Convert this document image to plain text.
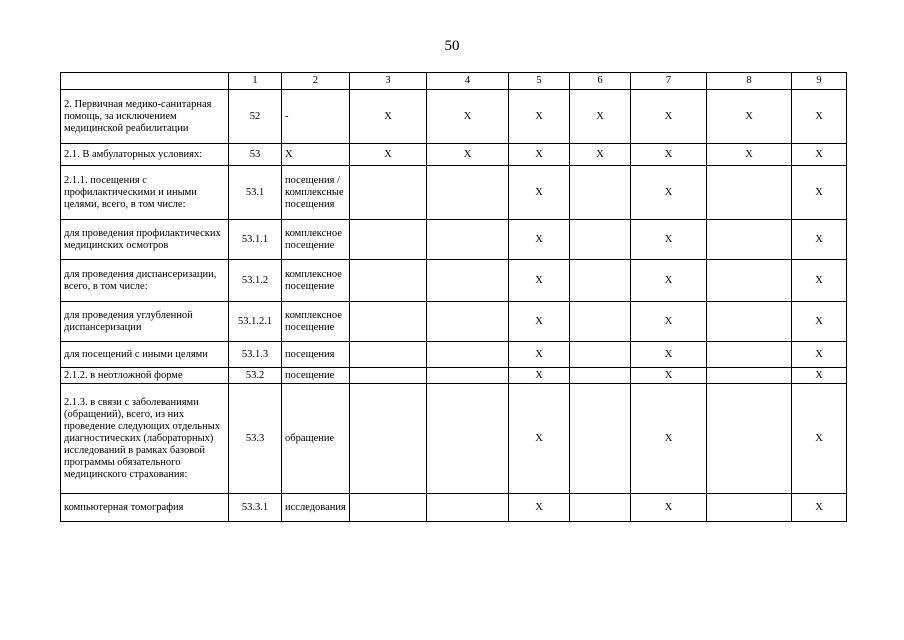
50
	1	2	3	4	5	6	7	8	9
2. Первичная медико-санитарная помощь, за исключением медицинской реабилитации	52	-	X	X	X	X	X	X	X
2.1. В амбулаторных условиях:	53	X	X	X	X	X	X	X	X
2.1.1. посещения с профилактическими и иными целями, всего, в том числе:	53.1	посещения /комплексные посещения			X		X		X
для проведения профилактических медицинских осмотров	53.1.1	комплексное посещение			X		X		X
для проведения диспансеризации, всего, в том числе:	53.1.2	комплексное посещение			X		X		X
для проведения углубленной диспансеризации	53.1.2.1	комплексное посещение			X		X		X
для посещений с иными целями	53.1.3	посещения			X		X		X
2.1.2. в неотложной форме	53.2	посещение			X		X		X
2.1.3. в связи с заболеваниями (обращений), всего, из них проведение следующих отдельных диагностических (лабораторных) исследований в рамках базовой программы обязательного медицинского страхования:	53.3	обращение			X		X		X
компьютерная томография	53.3.1	исследования			X		X		X
